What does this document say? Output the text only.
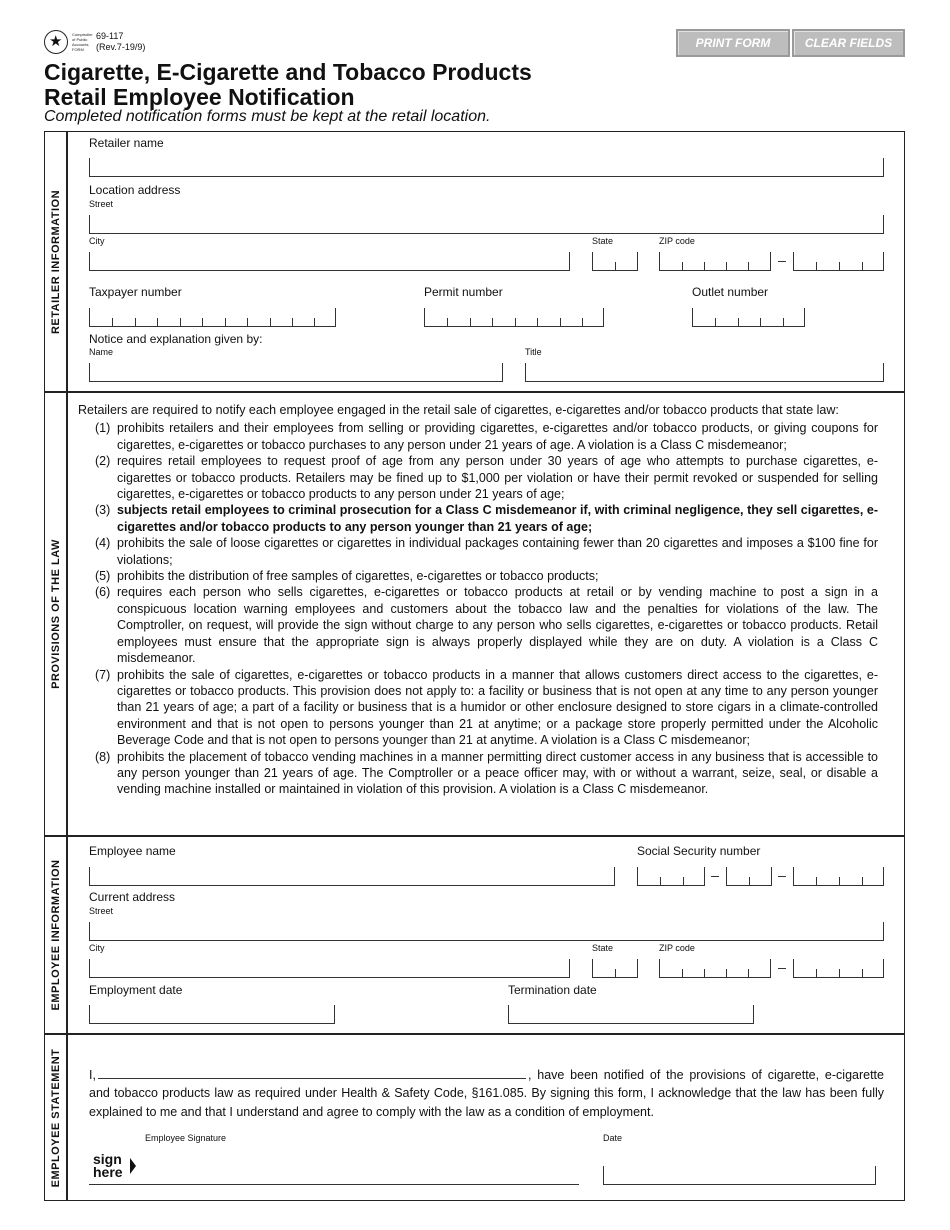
★ Comptroller of Public Accounts FORM
69-117
(Rev.7-19/9)	PRINT FORM	CLEAR FIELDS
Cigarette, E-Cigarette and Tobacco Products
Retail Employee Notification
Completed notification forms must be kept at the retail location.
RETAILER INFORMATION
PROVISIONS OF THE LAW
EMPLOYEE INFORMATION
EMPLOYEE STATEMENT
Retailer name
Location address
Street
City	State	ZIP code
Taxpayer number	Permit number	Outlet number
Notice and explanation given by:
Name	Title
Retailers are required to notify each employee engaged in the retail sale of cigarettes, e-cigarettes and/or tobacco products that state law:
(1) prohibits retailers and their employees from selling or providing cigarettes, e-cigarettes and/or tobacco products, or giving coupons for cigarettes, e-cigarettes or tobacco purchases to any person under 21 years of age. A violation is a Class C misdemeanor;
(2) requires retail employees to request proof of age from any person under 30 years of age who attempts to purchase cigarettes, e-cigarettes or tobacco products. Retailers may be fined up to $1,000 per violation or have their permit revoked or suspended for selling cigarettes, e-cigarettes or tobacco products to any person under 21 years of age;
(3) subjects retail employees to criminal prosecution for a Class C misdemeanor if, with criminal negligence, they sell cigarettes, e-cigarettes and/or tobacco products to any person younger than 21 years of age;
(4) prohibits the sale of loose cigarettes or cigarettes in individual packages containing fewer than 20 cigarettes and imposes a $100 fine for violations;
(5) prohibits the distribution of free samples of cigarettes, e-cigarettes or tobacco products;
(6) requires each person who sells cigarettes, e-cigarettes or tobacco products at retail or by vending machine to post a sign in a conspicuous location warning employees and customers about the tobacco law and the penalties for violations of the law. The Comptroller, on request, will provide the sign without charge to any person who sells cigarettes, e-cigarettes or tobacco products. Retail employees must ensure that the appropriate sign is always properly displayed while they are on duty. A violation is a Class C misdemeanor.
(7) prohibits the sale of cigarettes, e-cigarettes or tobacco products in a manner that allows customers direct access to the cigarettes, e-cigarettes or tobacco products. This provision does not apply to: a facility or business that is not open at any time to any person younger than 21 years of age; a part of a facility or business that is a humidor or other enclosure designed to store cigars in a climate-controlled environment and that is not open to persons younger than 21 at anytime; or a package store properly permitted under the Alcoholic Beverage Code and that is not open to persons younger than 21 at anytime. A violation is a Class C misdemeanor;
(8) prohibits the placement of tobacco vending machines in a manner permitting direct customer access in any business that is accessible to any person younger than 21 years of age. The Comptroller or a peace officer may, with or without a warrant, seize, seal, or disable a vending machine installed or maintained in violation of this provision. A violation is a Class C misdemeanor.
Employee name	Social Security number
Current address
Street
City	State	ZIP code
Employment date	Termination date
I,	, have been notified of the provisions of cigarette, e-cigarette and tobacco products law as required under Health & Safety Code, §161.085. By signing this form, I acknowledge that the law has been fully explained to me and that I understand and agree to comply with the law as a condition of employment.
Employee Signature	Date
sign
here
